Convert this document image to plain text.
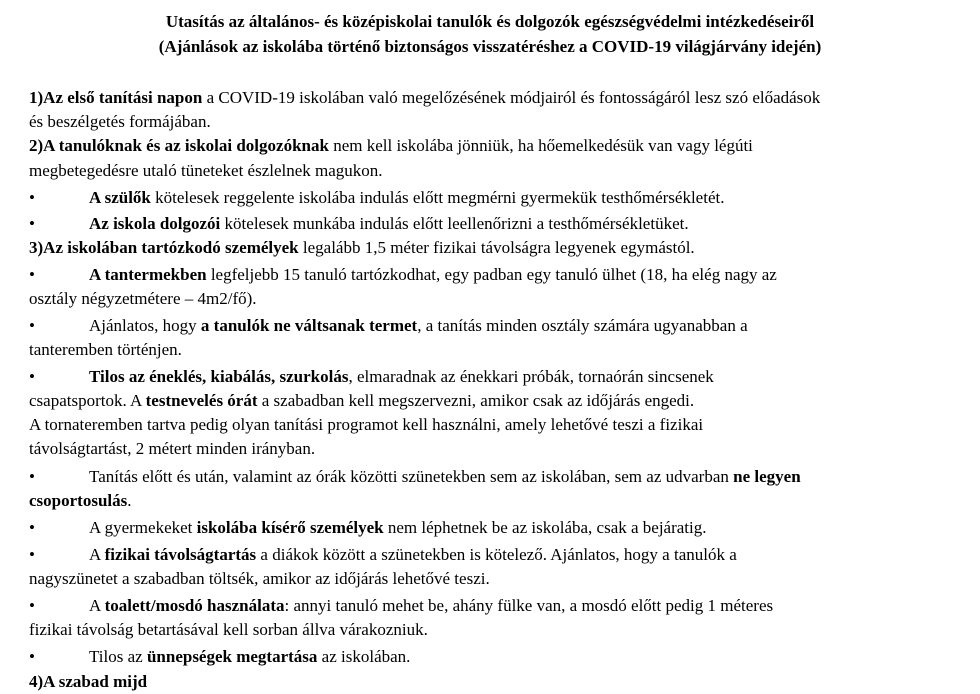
Utasítás az általános- és középiskolai tanulók és dolgozók egészségvédelmi intézkedéseiről
(Ajánlások az iskolába történő biztonságos visszatéréshez a COVID-19 világjárvány idején)
1)Az első tanítási napon a COVID-19 iskolában való megelőzésének módjairól és fontosságáról lesz szó előadások
és beszélgetés formájában.
2)A tanulóknak és az iskolai dolgozóknak nem kell iskolába jönniük, ha hőemelkedésük van vagy légúti
megbetegedésre utaló tüneteket észlelnek magukon.
•	A szülők kötelesek reggelente iskolába indulás előtt megmérni gyermekük testhőmérsékletét.
•	Az iskola dolgozói kötelesek munkába indulás előtt leellenőrizni a testhőmérsékletüket.
3)Az iskolában tartózkodó személyek legalább 1,5 méter fizikai távolságra legyenek egymástól.
•	A tantermekben legfeljebb 15 tanuló tartózkodhat, egy padban egy tanuló ülhet (18, ha elég nagy az
osztály négyzetmétere – 4m2/fő).
•	Ajánlatos, hogy a tanulók ne váltsanak termet, a tanítás minden osztály számára ugyanabban a
tanteremben történjen.
•	Tilos az éneklés, kiabálás, szurkolás, elmaradnak az énekkari próbák, tornaórán sincsenek
csapatsportok. A testnevelés órát a szabadban kell megszervezni, amikor csak az időjárás engedi.
A tornateremben tartva pedig olyan tanítási programot kell használni, amely lehetővé teszi a fizikai
távolságtartást, 2 métert minden irányban.
•	Tanítás előtt és után, valamint az órák közötti szünetekben sem az iskolában, sem az udvarban ne legyen
csoportosulás.
•	A gyermekeket iskolába kísérő személyek nem léphetnek be az iskolába, csak a bejáratig.
•	A fizikai távolságtartás a diákok között a szünetekben is kötelező. Ajánlatos, hogy a tanulók a
nagyszünetet a szabadban töltsék, amikor az időjárás lehetővé teszi.
•	A toalett/mosdó használata: annyi tanuló mehet be, ahány fülke van, a mosdó előtt pedig 1 méteres
fizikai távolság betartásával kell sorban állva várakozniuk.
•	Tilos az ünnepségek megtartása az iskolában.
4)A szabad mijd
